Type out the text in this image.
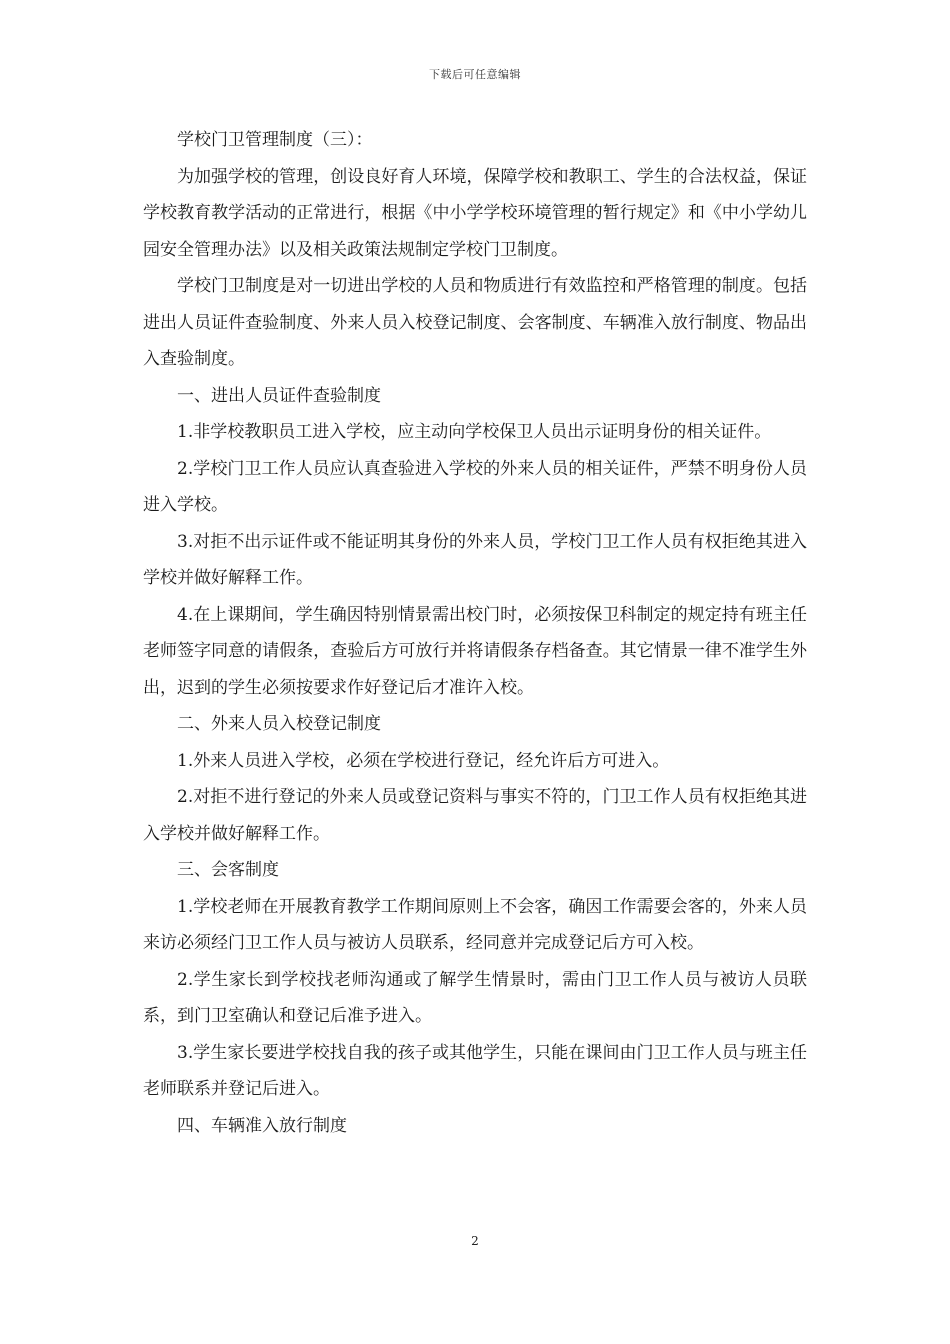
下载后可任意编辑

学校门卫管理制度（三）：

为加强学校的管理，创设良好育人环境，保障学校和教职工、学生的合法权益，保证学校教育教学活动的正常进行，根据《中小学学校环境管理的暂行规定》和《中小学幼儿园安全管理办法》以及相关政策法规制定学校门卫制度。

学校门卫制度是对一切进出学校的人员和物质进行有效监控和严格管理的制度。包括进出人员证件查验制度、外来人员入校登记制度、会客制度、车辆准入放行制度、物品出入查验制度。

一、进出人员证件查验制度

1.非学校教职员工进入学校，应主动向学校保卫人员出示证明身份的相关证件。

2.学校门卫工作人员应认真查验进入学校的外来人员的相关证件，严禁不明身份人员进入学校。

3.对拒不出示证件或不能证明其身份的外来人员，学校门卫工作人员有权拒绝其进入学校并做好解释工作。

4.在上课期间，学生确因特别情景需出校门时，必须按保卫科制定的规定持有班主任老师签字同意的请假条，查验后方可放行并将请假条存档备查。其它情景一律不准学生外出，迟到的学生必须按要求作好登记后才准许入校。

二、外来人员入校登记制度

1.外来人员进入学校，必须在学校进行登记，经允许后方可进入。

2.对拒不进行登记的外来人员或登记资料与事实不符的，门卫工作人员有权拒绝其进入学校并做好解释工作。

三、会客制度

1.学校老师在开展教育教学工作期间原则上不会客，确因工作需要会客的，外来人员来访必须经门卫工作人员与被访人员联系，经同意并完成登记后方可入校。

2.学生家长到学校找老师沟通或了解学生情景时，需由门卫工作人员与被访人员联系，到门卫室确认和登记后准予进入。

3.学生家长要进学校找自我的孩子或其他学生，只能在课间由门卫工作人员与班主任老师联系并登记后进入。

四、车辆准入放行制度

2
